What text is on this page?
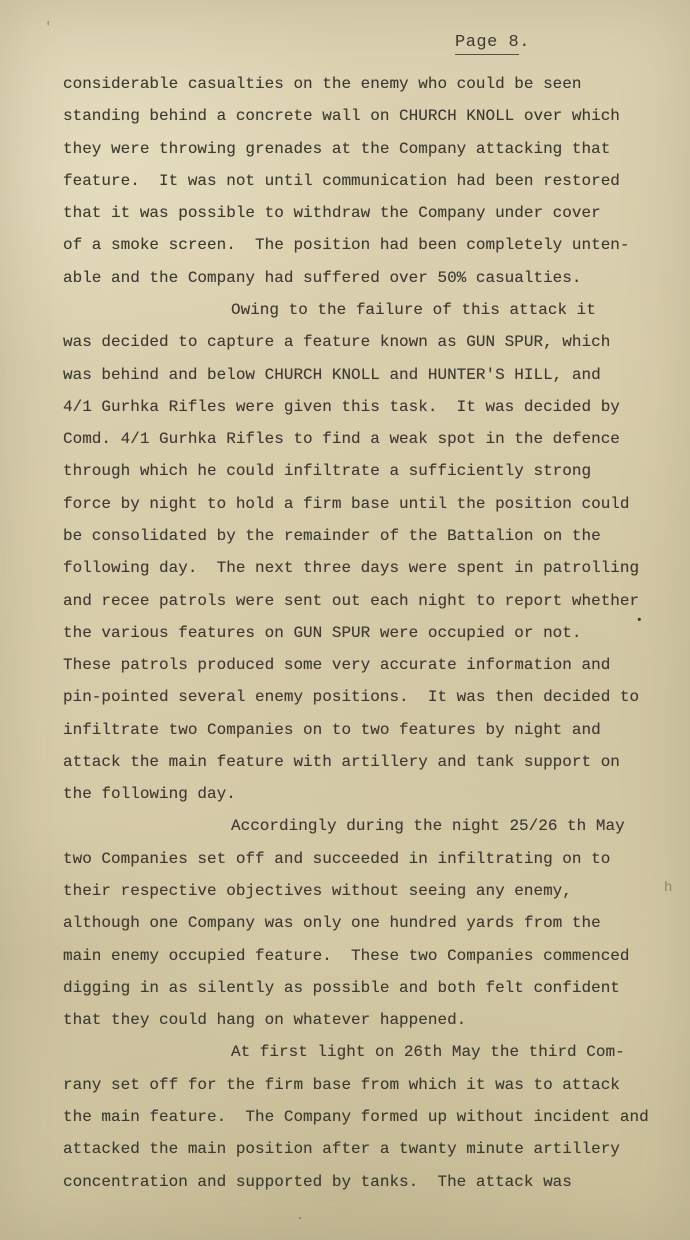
Page 8.
considerable casualties on the enemy who could be seen
standing behind a concrete wall on CHURCH KNOLL over which
they were throwing grenades at the Company attacking that
feature.  It was not until communication had been restored
that it was possible to withdraw the Company under cover
of a smoke screen.  The position had been completely unten-
able and the Company had suffered over 50% casualties.
Owing to the failure of this attack it
was decided to capture a feature known as GUN SPUR, which
was behind and below CHURCH KNOLL and HUNTER'S HILL, and
4/1 Gurhka Rifles were given this task.  It was decided by
Comd. 4/1 Gurhka Rifles to find a weak spot in the defence
through which he could infiltrate a sufficiently strong
force by night to hold a firm base until the position could
be consolidated by the remainder of the Battalion on the
following day.  The next three days were spent in patrolling
and recee patrols were sent out each night to report whether
the various features on GUN SPUR were occupied or not.
These patrols produced some very accurate information and
pin-pointed several enemy positions.  It was then decided to
infiltrate two Companies on to two features by night and
attack the main feature with artillery and tank support on
the following day.
Accordingly during the night 25/26 th May
two Companies set off and succeeded in infiltrating on to
their respective objectives without seeing any enemy,
although one Company was only one hundred yards from the
main enemy occupied feature.  These two Companies commenced
digging in as silently as possible and both felt confident
that they could hang on whatever happened.
At first light on 26th May the third Com-
rany set off for the firm base from which it was to attack
the main feature.  The Company formed up without incident and
attacked the main position after a twanty minute artillery
concentration and supported by tanks.  The attack was
'
•
h
.
